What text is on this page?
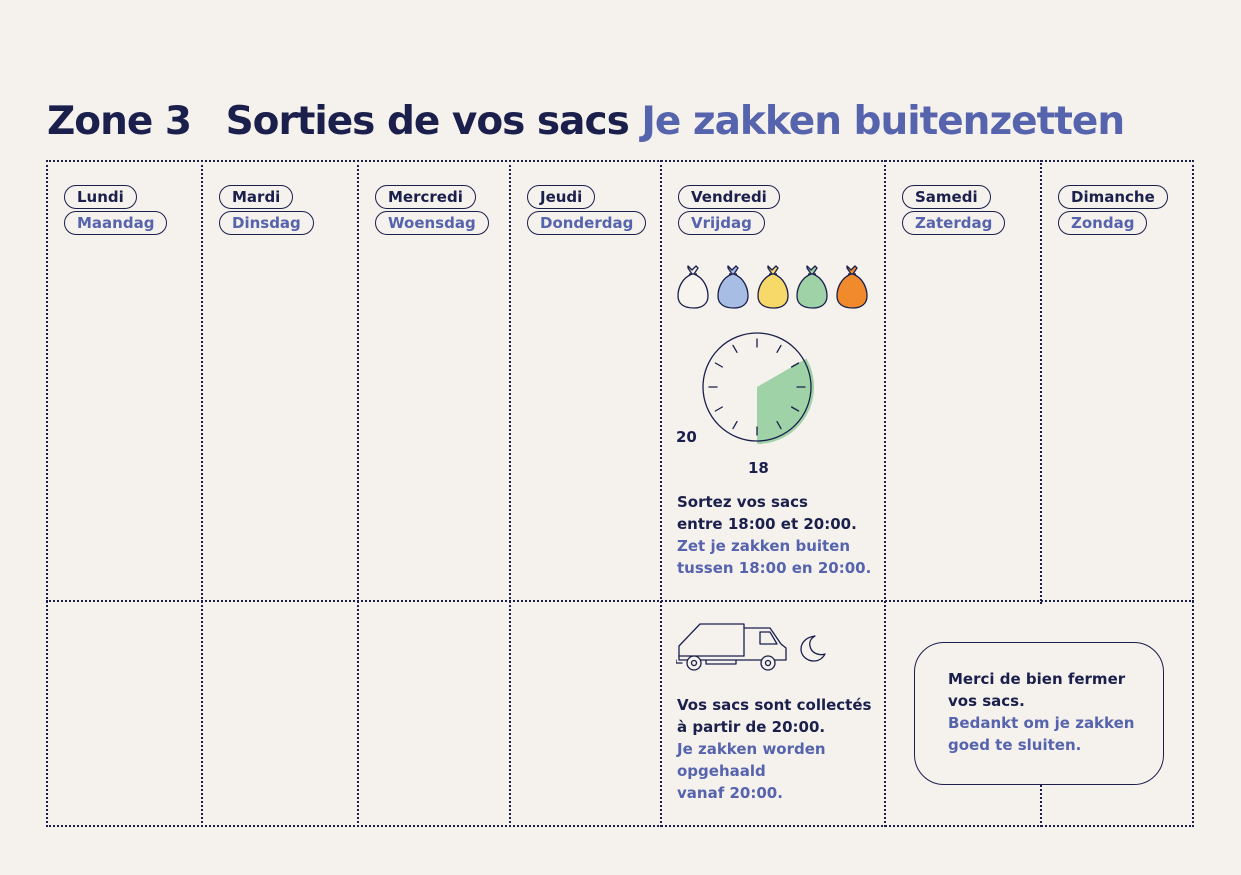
Zone 3 Sorties de vos sacs Je zakken buitenzetten
Lundi
Maandag
Mardi
Dinsdag
Mercredi
Woensdag
Jeudi
Donderdag
Vendredi
Vrijdag
Samedi
Zaterdag
Dimanche
Zondag
20
18
Sortez vos sacs
entre 18:00 et 20:00.
Zet je zakken buiten
tussen 18:00 en 20:00.
Vos sacs sont collectés
à partir de 20:00.
Je zakken worden
opgehaald
vanaf 20:00.
Merci de bien fermer
vos sacs.
Bedankt om je zakken
goed te sluiten.
